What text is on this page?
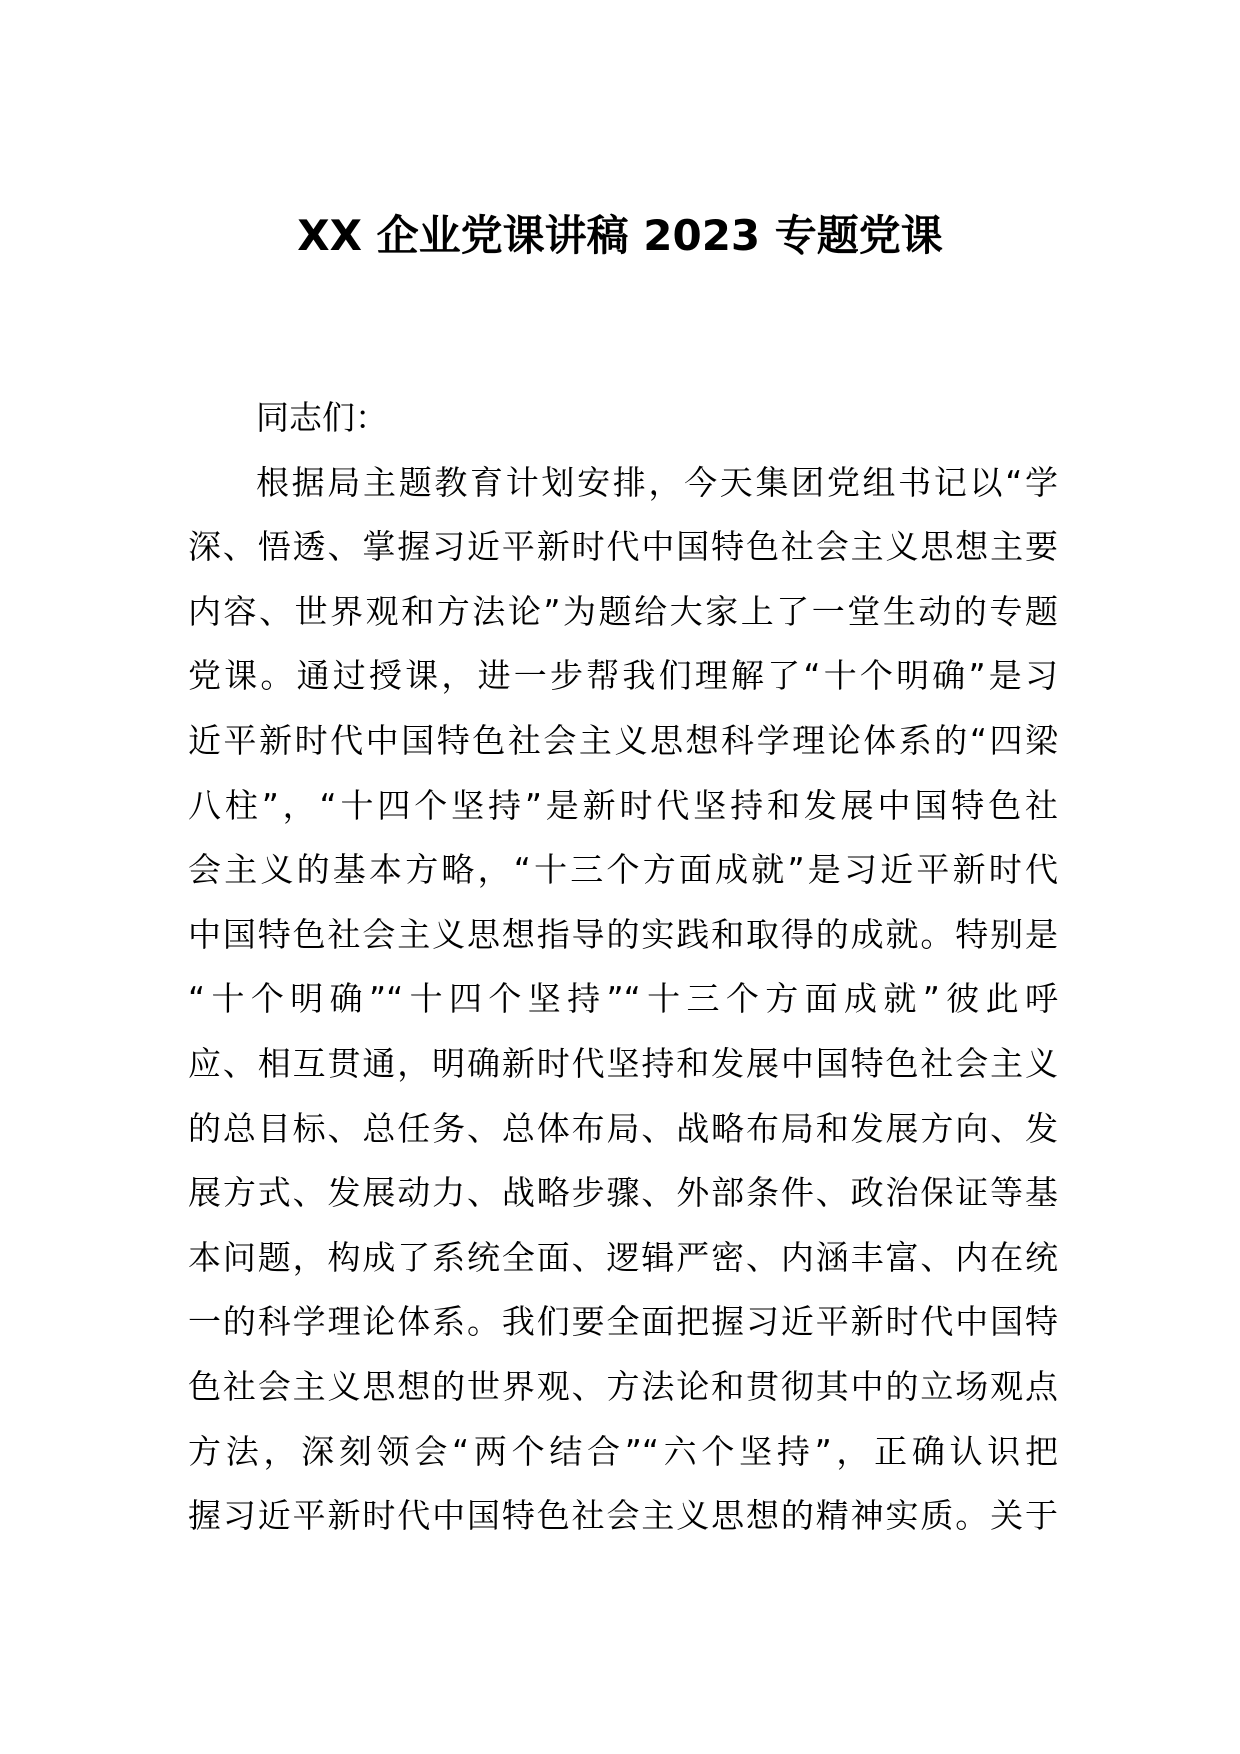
XX 企业党课讲稿 2023 专题党课
同志们：
根据局主题教育计划安排，今天集团党组书记以“学
深、悟透、掌握习近平新时代中国特色社会主义思想主要
内容、世界观和方法论”为题给大家上了一堂生动的专题
党课。通过授课，进一步帮我们理解了“十个明确”是习
近平新时代中国特色社会主义思想科学理论体系的“四梁
八柱”，“十四个坚持”是新时代坚持和发展中国特色社
会主义的基本方略，“十三个方面成就”是习近平新时代
中国特色社会主义思想指导的实践和取得的成就。特别是
“十个明确”“十四个坚持”“十三个方面成就”彼此呼
应、相互贯通，明确新时代坚持和发展中国特色社会主义
的总目标、总任务、总体布局、战略布局和发展方向、发
展方式、发展动力、战略步骤、外部条件、政治保证等基
本问题，构成了系统全面、逻辑严密、内涵丰富、内在统
一的科学理论体系。我们要全面把握习近平新时代中国特
色社会主义思想的世界观、方法论和贯彻其中的立场观点
方法，深刻领会“两个结合”“六个坚持”，正确认识把
握习近平新时代中国特色社会主义思想的精神实质。关于
